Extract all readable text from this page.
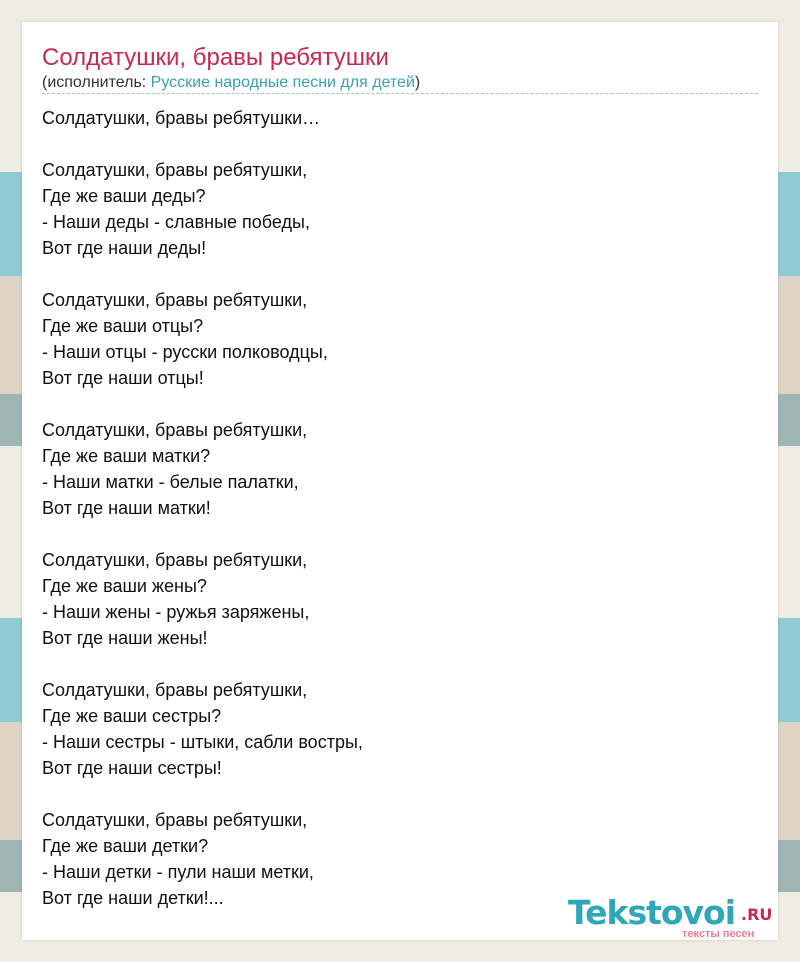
Солдатушки, бравы ребятушки
(исполнитель: Русские народные песни для детей)
Солдатушки, бравы ребятушки…
Солдатушки, бравы ребятушки,
Где же ваши деды?
- Наши деды - славные победы,
Вот где наши деды!
Солдатушки, бравы ребятушки,
Где же ваши отцы?
- Наши отцы - русски полководцы,
Вот где наши отцы!
Солдатушки, бравы ребятушки,
Где же ваши матки?
- Наши матки - белые палатки,
Вот где наши матки!
Солдатушки, бравы ребятушки,
Где же ваши жены?
- Наши жены - ружья заряжены,
Вот где наши жены!
Солдатушки, бравы ребятушки,
Где же ваши сестры?
- Наши сестры - штыки, сабли востры,
Вот где наши сестры!
Солдатушки, бравы ребятушки,
Где же ваши детки?
- Наши детки - пули наши метки,
Вот где наши детки!...	Tekstovoi .RU
тексты песен
